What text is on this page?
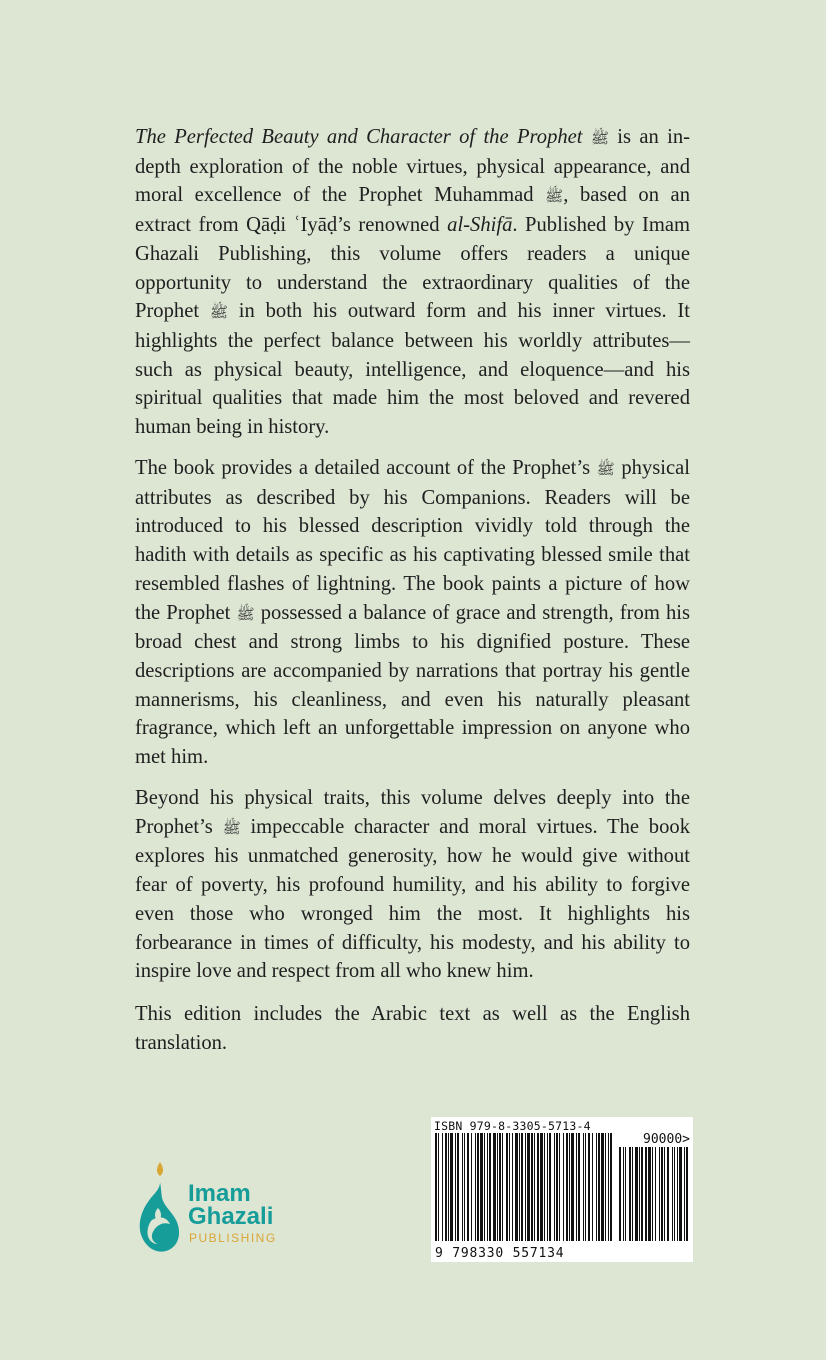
The Perfected Beauty and Character of the Prophet ﷺ is an in-depth exploration of the noble virtues, physical appearance, and moral excellence of the Prophet Muhammad ﷺ, based on an extract from Qāḍi ʿIyāḍ’s renowned al-Shifā. Published by Imam Ghazali Publishing, this volume offers readers a unique opportunity to understand the extraordinary qualities of the Prophet ﷺ in both his outward form and his inner virtues. It highlights the perfect balance between his worldly attributes—such as physical beauty, intelligence, and eloquence—and his spiritual qualities that made him the most beloved and revered human being in history.

The book provides a detailed account of the Prophet’s ﷺ physical attributes as described by his Companions. Readers will be introduced to his blessed description vividly told through the hadith with details as specific as his captivating blessed smile that resembled flashes of lightning. The book paints a picture of how the Prophet ﷺ possessed a balance of grace and strength, from his broad chest and strong limbs to his dignified posture. These descriptions are accompanied by narrations that portray his gentle mannerisms, his cleanliness, and even his naturally pleasant fragrance, which left an unforgettable impression on anyone who met him.

Beyond his physical traits, this volume delves deeply into the Prophet’s ﷺ impeccable character and moral virtues. The book explores his unmatched generosity, how he would give without fear of poverty, his profound humility, and his ability to forgive even those who wronged him the most. It highlights his forbearance in times of difficulty, his modesty, and his ability to inspire love and respect from all who knew him.

This edition includes the Arabic text as well as the English translation.

Imam
Ghazali
PUBLISHING
ISBN 979-8-3305-5713-4
90000>
9 798330 557134
